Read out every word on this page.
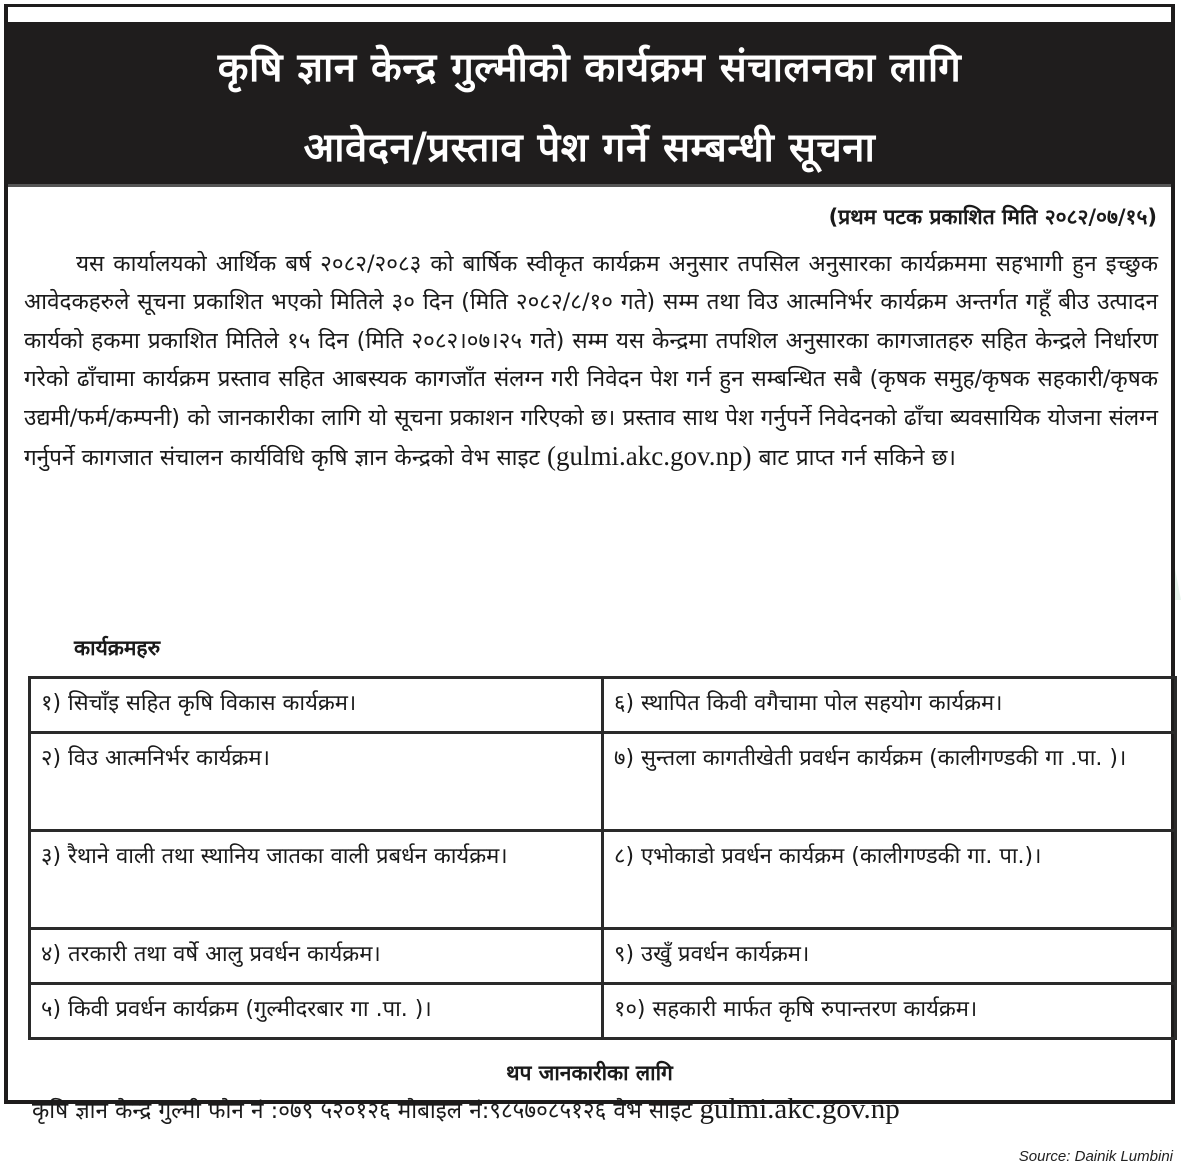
कृषि ज्ञान केन्द्र गुल्मीको कार्यक्रम संचालनका लागि
आवेदन/प्रस्ताव पेश गर्ने सम्बन्धी सूचना
(प्रथम पटक प्रकाशित मिति २०८२/०७/१५)

यस कार्यालयको आर्थिक बर्ष २०८२/२०८३ को बार्षिक स्वीकृत कार्यक्रम अनुसार तपसिल अनुसारका कार्यक्रममा सहभागी हुन इच्छुक आवेदकहरुले सूचना प्रकाशित भएको मितिले ३० दिन (मिति २०८२/८/१० गते) सम्म तथा विउ आत्मनिर्भर कार्यक्रम अन्तर्गत गहूँ बीउ उत्पादन कार्यको हकमा प्रकाशित मितिले १५ दिन (मिति २०८२।०७।२५ गते) सम्म यस केन्द्रमा तपशिल अनुसारका कागजातहरु सहित केन्द्रले निर्धारण गरेको ढाँचामा कार्यक्रम प्रस्ताव सहित आबस्यक कागजाँत संलग्न गरी निवेदन पेश गर्न हुन सम्बन्धित सबै (कृषक समुह/कृषक सहकारी/कृषक उद्यमी/फर्म/कम्पनी) को जानकारीका लागि यो सूचना प्रकाशन गरिएको छ। प्रस्ताव साथ पेश गर्नुपर्ने निवेदनको ढाँचा ब्यवसायिक योजना संलग्न गर्नुपर्ने कागजात संचालन कार्यविधि कृषि ज्ञान केन्द्रको वेभ साइट (gulmi.akc.gov.np) बाट प्राप्त गर्न सकिने छ।

कार्यक्रमहरु
१) सिचाँइ सहित कृषि विकास कार्यक्रम।	६) स्थापित किवी वगैचामा पोल सहयोग कार्यक्रम।
२) विउ आत्मनिर्भर कार्यक्रम।	७) सुन्तला कागतीखेती प्रवर्धन कार्यक्रम (कालीगण्डकी गा .पा. )।
३) रैथाने वाली तथा स्थानिय जातका वाली प्रबर्धन कार्यक्रम।	८) एभोकाडो प्रवर्धन कार्यक्रम (कालीगण्डकी गा. पा.)।
४) तरकारी तथा वर्षे आलु प्रवर्धन कार्यक्रम।	९) उखुँ प्रवर्धन कार्यक्रम।
५) किवी प्रवर्धन कार्यक्रम (गुल्मीदरबार गा .पा. )।	१०) सहकारी मार्फत कृषि रुपान्तरण कार्यक्रम।
थप जानकारीका लागि
कृषि ज्ञान केन्द्र गुल्मी फोन नं :०७९ ५२०१२६ मोबाइल नं:९८५७०८५१२६ वेभ साइट gulmi.akc.gov.np
Source: Dainik Lumbini
